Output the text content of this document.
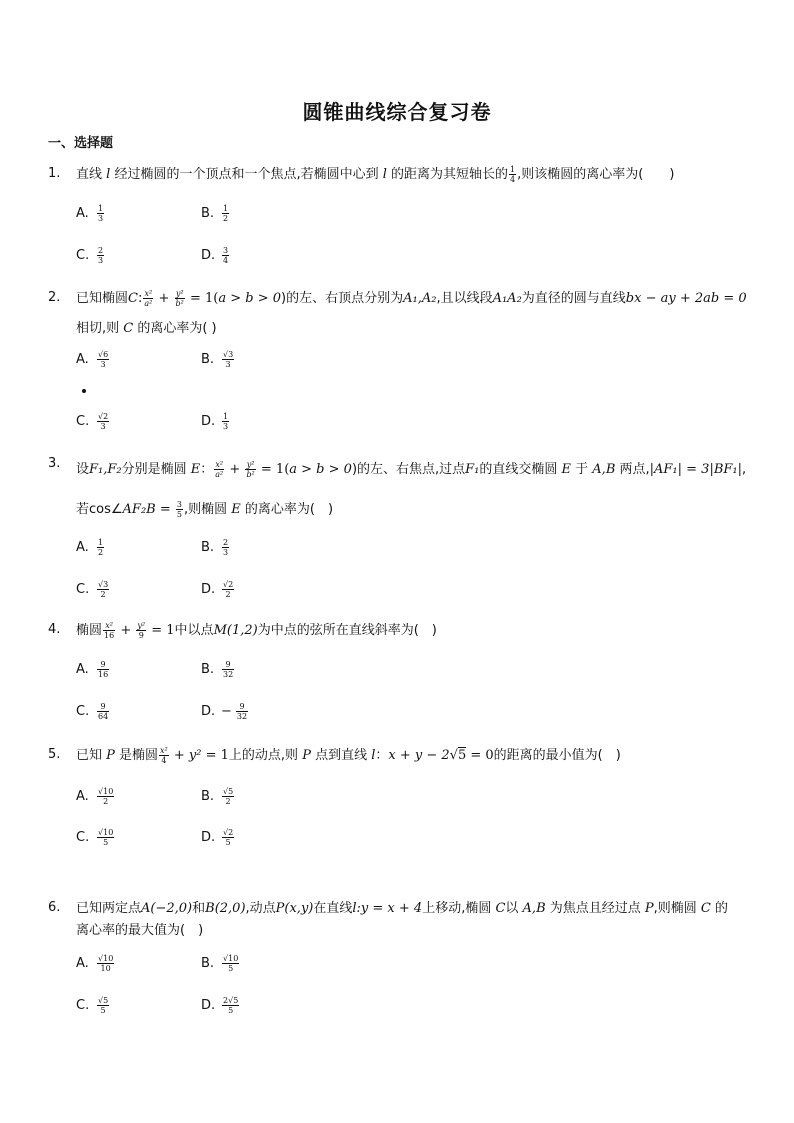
圆锥曲线综合复习卷
一、选择题
1. 直线 l 经过椭圆的一个顶点和一个焦点,若椭圆中心到 l 的距离为其短轴长的 $\frac{1}{4}$ ,则该椭圆的离心率为(　　)
A. $\frac{1}{3}$	B. $\frac{1}{2}$
C. $\frac{2}{3}$	D. $\frac{3}{4}$
2. 已知椭圆C: $\frac{\text{x²}}{\text{a²}} + \frac{\text{y²}}{\text{b²}} = 1(a > b > 0)$的左、右顶点分别为A₁,A₂,且以线段A₁A₂为直径的圆与直线bx − ay + 2ab = 0
相切,则 C 的离心率为( )
A. $\frac{√6}{3}$	B. $\frac{√3}{3}$
C. $\frac{√2}{3}$	D. $\frac{1}{3}$
3. 设F₁,F₂分别是椭圆 E： $\frac{\text{x²}}{\text{a²}} + \frac{\text{y²}}{\text{b²}} = 1(a > b > 0)$的左、右焦点,过点F₁的直线交椭圆 E 于 A,B 两点,|AF₁| = 3|BF₁|,
若cos∠AF₂B = $\frac{3}{5}$ ,则椭圆 E 的离心率为(　)
A. $\frac{1}{2}$	B. $\frac{2}{3}$
C. $\frac{√3}{2}$	D. $\frac{√2}{2}$
4. 椭圆 $\frac{\text{x²}}{16} + \frac{\text{y²}}{9} = 1$中以点M(1,2)为中点的弦所在直线斜率为(　)
A. $\frac{9}{16}$	B. $\frac{9}{32}$
C. $\frac{9}{64}$	D. − $\frac{9}{32}$
5. 已知 P 是椭圆 $\frac{\text{x²}}{4} + y^2 = 1$上的动点,则 P 点到直线 l：x + y − 2√5 = 0的距离的最小值为(　)
A. $\frac{√10}{2}$	B. $\frac{√5}{2}$
C. $\frac{√10}{5}$	D. $\frac{√2}{5}$
6. 已知两定点A(−2,0)和B(2,0),动点P(x,y)在直线l:y = x + 4上移动,椭圆 C以 A,B 为焦点且经过点 P,则椭圆 C 的
离心率的最大值为(　)
A. $\frac{√10}{10}$	B. $\frac{√10}{5}$
C. $\frac{√5}{5}$	D. $\frac{2√5}{5}$
